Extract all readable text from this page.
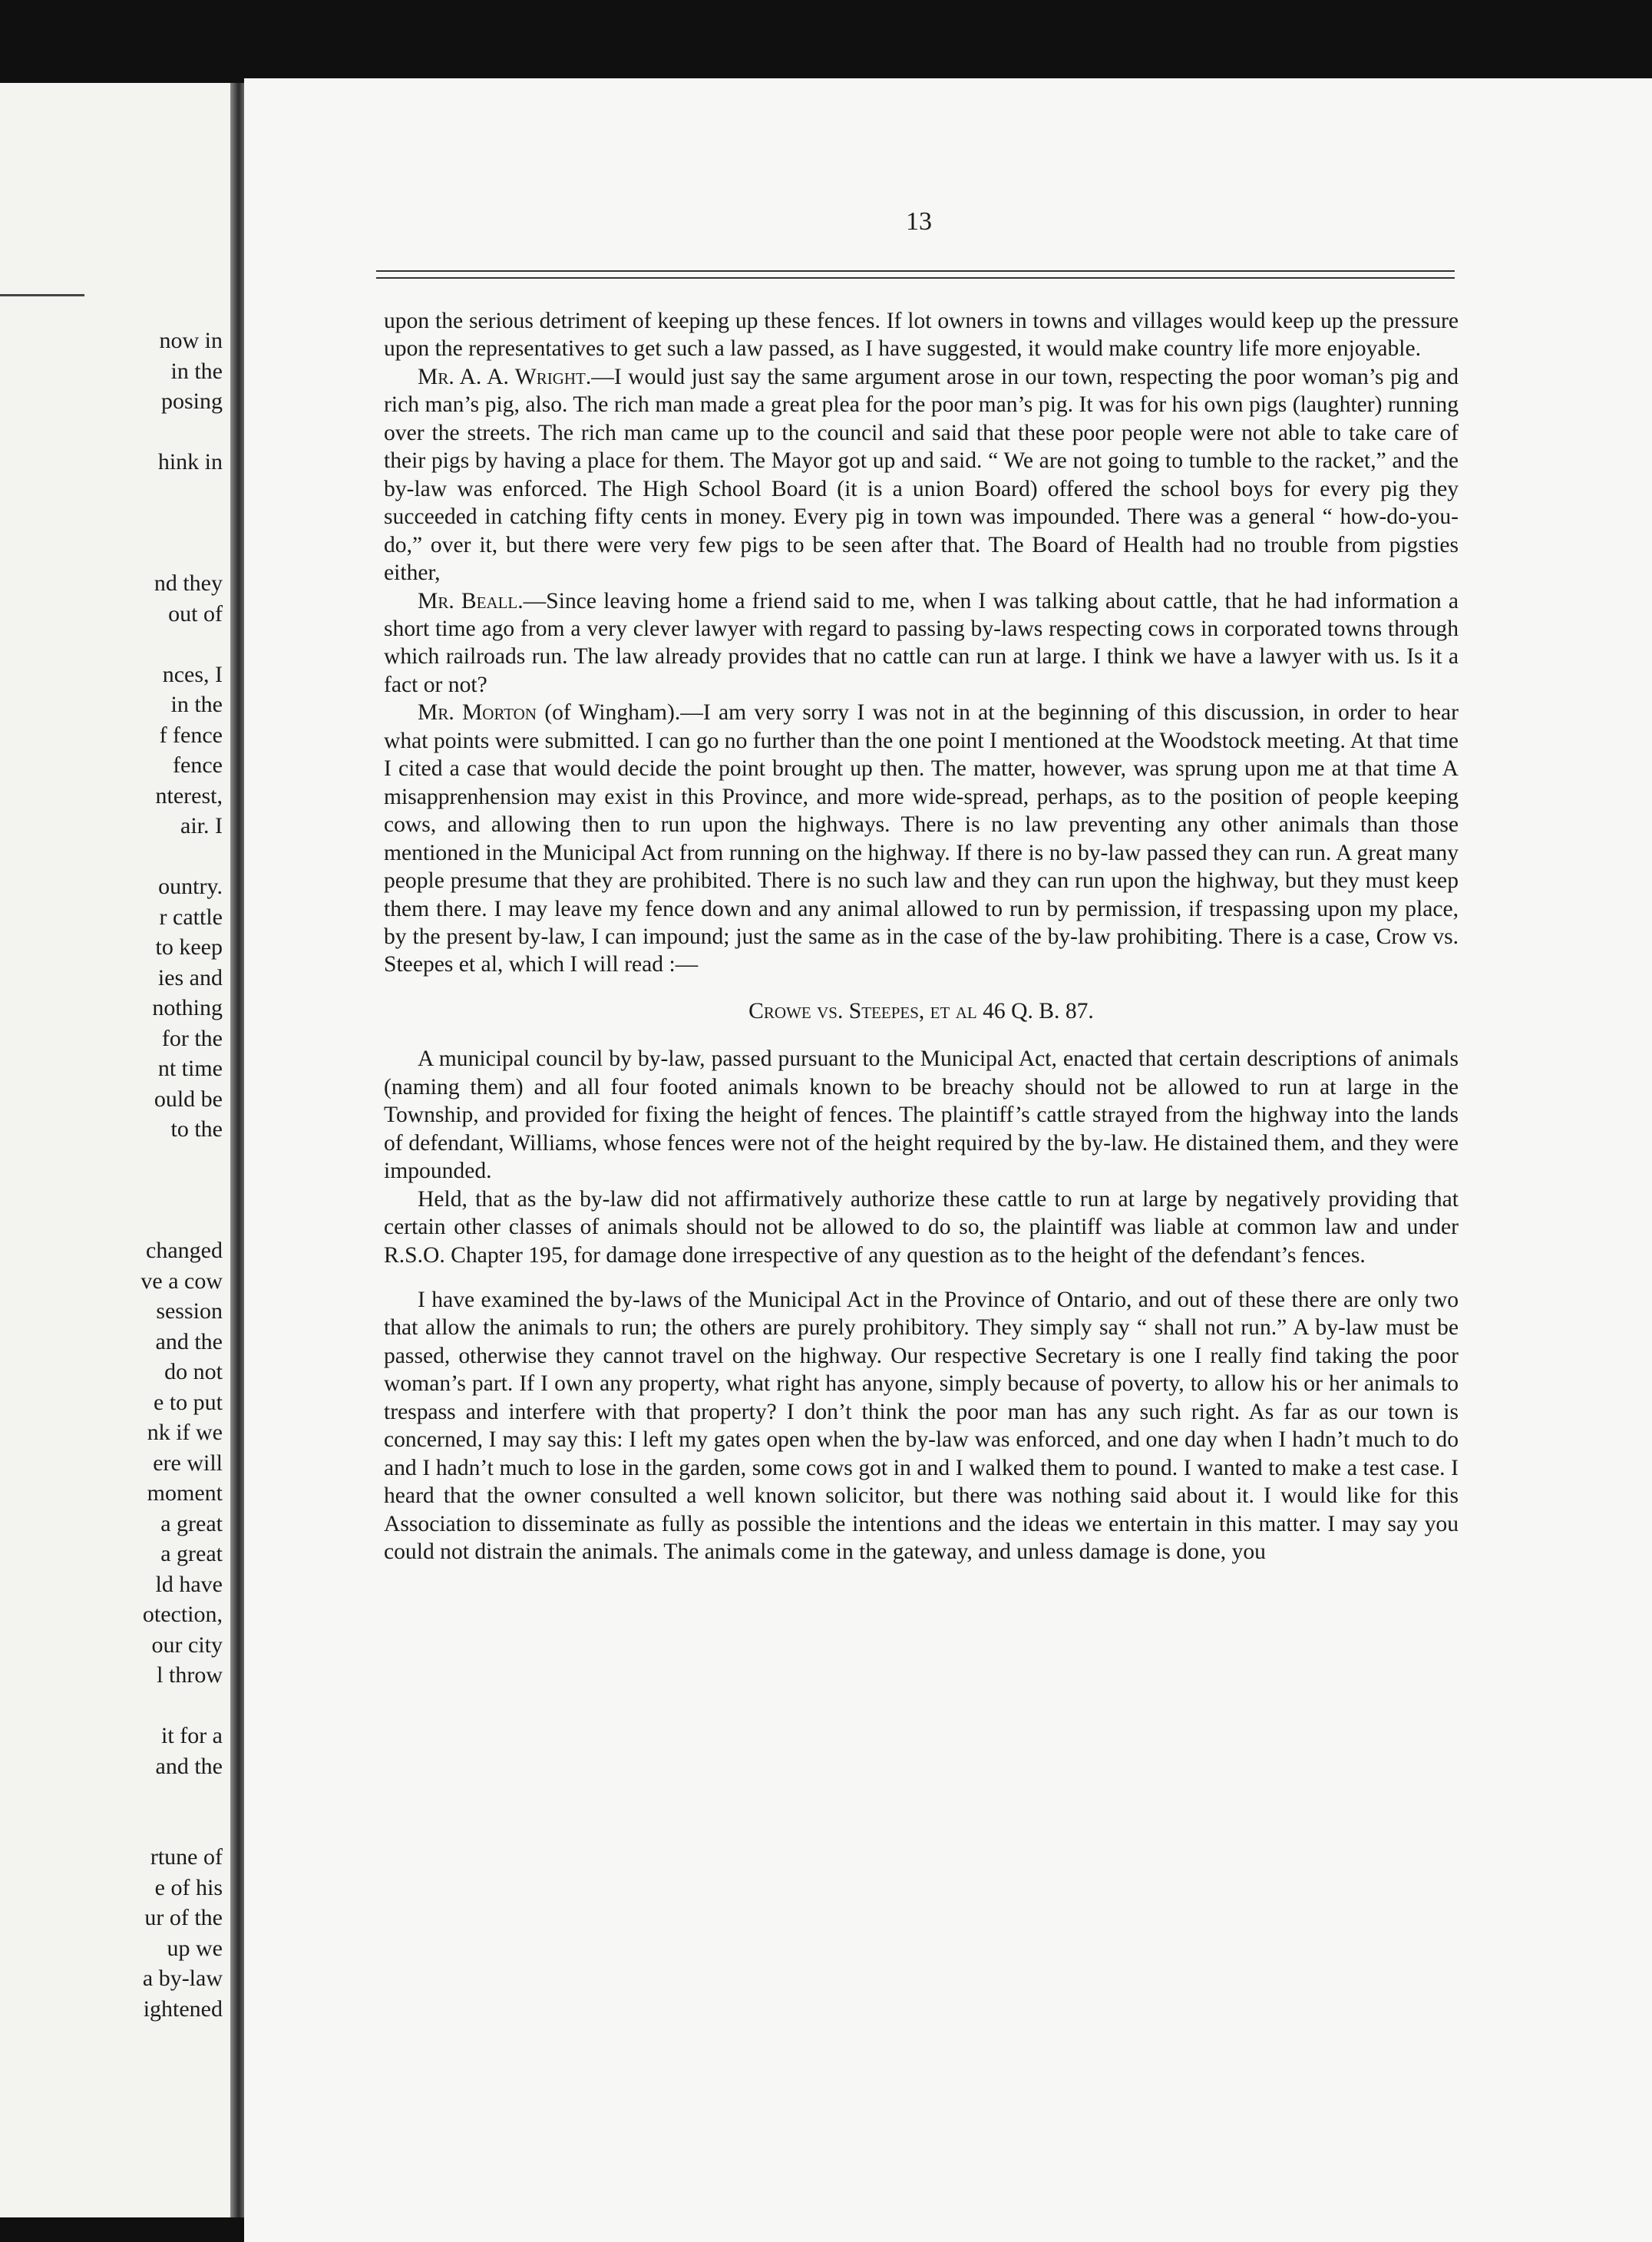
now in
in the
posing
hink in
nd they
out of
nces, I
in the
f fence
fence
nterest,
air. I
ountry.
r cattle
to keep
ies and
nothing
for the
nt time
ould be
to the
changed
ve a cow
session
and the
do not
e to put
nk if we
ere will
moment
a great
a great
ld have
otection,
our city
l throw
it for a
and the
rtune of
e of his
ur of the
up we
a by-law
ightened
13

upon the serious detriment of keeping up these fences. If lot owners in towns and villages would keep up the pressure upon the representatives to get such a law passed, as I have suggested, it would make country life more enjoyable.

Mr. A. A. Wright.—I would just say the same argument arose in our town, respecting the poor woman’s pig and rich man’s pig, also. The rich man made a great plea for the poor man’s pig. It was for his own pigs (laughter) running over the streets. The rich man came up to the council and said that these poor people were not able to take care of their pigs by having a place for them. The Mayor got up and said. “ We are not going to tumble to the racket,” and the by-law was enforced. The High School Board (it is a union Board) offered the school boys for every pig they succeeded in catching fifty cents in money. Every pig in town was impounded. There was a general “ how-do-you-do,” over it, but there were very few pigs to be seen after that. The Board of Health had no trouble from pigsties either,

Mr. Beall.—Since leaving home a friend said to me, when I was talking about cattle, that he had information a short time ago from a very clever lawyer with regard to passing by-laws respecting cows in corporated towns through which railroads run. The law already provides that no cattle can run at large. I think we have a lawyer with us. Is it a fact or not?

Mr. Morton (of Wingham).—I am very sorry I was not in at the beginning of this discussion, in order to hear what points were submitted. I can go no further than the one point I mentioned at the Woodstock meeting. At that time I cited a case that would decide the point brought up then. The matter, however, was sprung upon me at that time A misapprenhension may exist in this Province, and more wide-spread, perhaps, as to the position of people keeping cows, and allowing then to run upon the highways. There is no law preventing any other animals than those mentioned in the Municipal Act from running on the highway. If there is no by-law passed they can run. A great many people presume that they are prohibited. There is no such law and they can run upon the highway, but they must keep them there. I may leave my fence down and any animal allowed to run by permission, if trespassing upon my place, by the present by-law, I can impound; just the same as in the case of the by-law prohibiting. There is a case, Crow vs. Steepes et al, which I will read :—

Crowe vs. Steepes, et al 46 Q. B. 87.

A municipal council by by-law, passed pursuant to the Municipal Act, enacted that certain descriptions of animals (naming them) and all four footed animals known to be breachy should not be allowed to run at large in the Township, and provided for fixing the height of fences. The plaintiff’s cattle strayed from the highway into the lands of defendant, Williams, whose fences were not of the height required by the by-law. He distained them, and they were impounded.

Held, that as the by-law did not affirmatively authorize these cattle to run at large by negatively providing that certain other classes of animals should not be allowed to do so, the plaintiff was liable at common law and under R.S.O. Chapter 195, for damage done irrespective of any question as to the height of the defendant’s fences.

I have examined the by-laws of the Municipal Act in the Province of Ontario, and out of these there are only two that allow the animals to run; the others are purely prohibitory. They simply say “ shall not run.” A by-law must be passed, otherwise they cannot travel on the highway. Our respective Secretary is one I really find taking the poor woman’s part. If I own any property, what right has anyone, simply because of poverty, to allow his or her animals to trespass and interfere with that property? I don’t think the poor man has any such right. As far as our town is concerned, I may say this: I left my gates open when the by-law was enforced, and one day when I hadn’t much to do and I hadn’t much to lose in the garden, some cows got in and I walked them to pound. I wanted to make a test case. I heard that the owner consulted a well known solicitor, but there was nothing said about it. I would like for this Association to disseminate as fully as possible the intentions and the ideas we entertain in this matter. I may say you could not distrain the animals. The animals come in the gateway, and unless damage is done, you
